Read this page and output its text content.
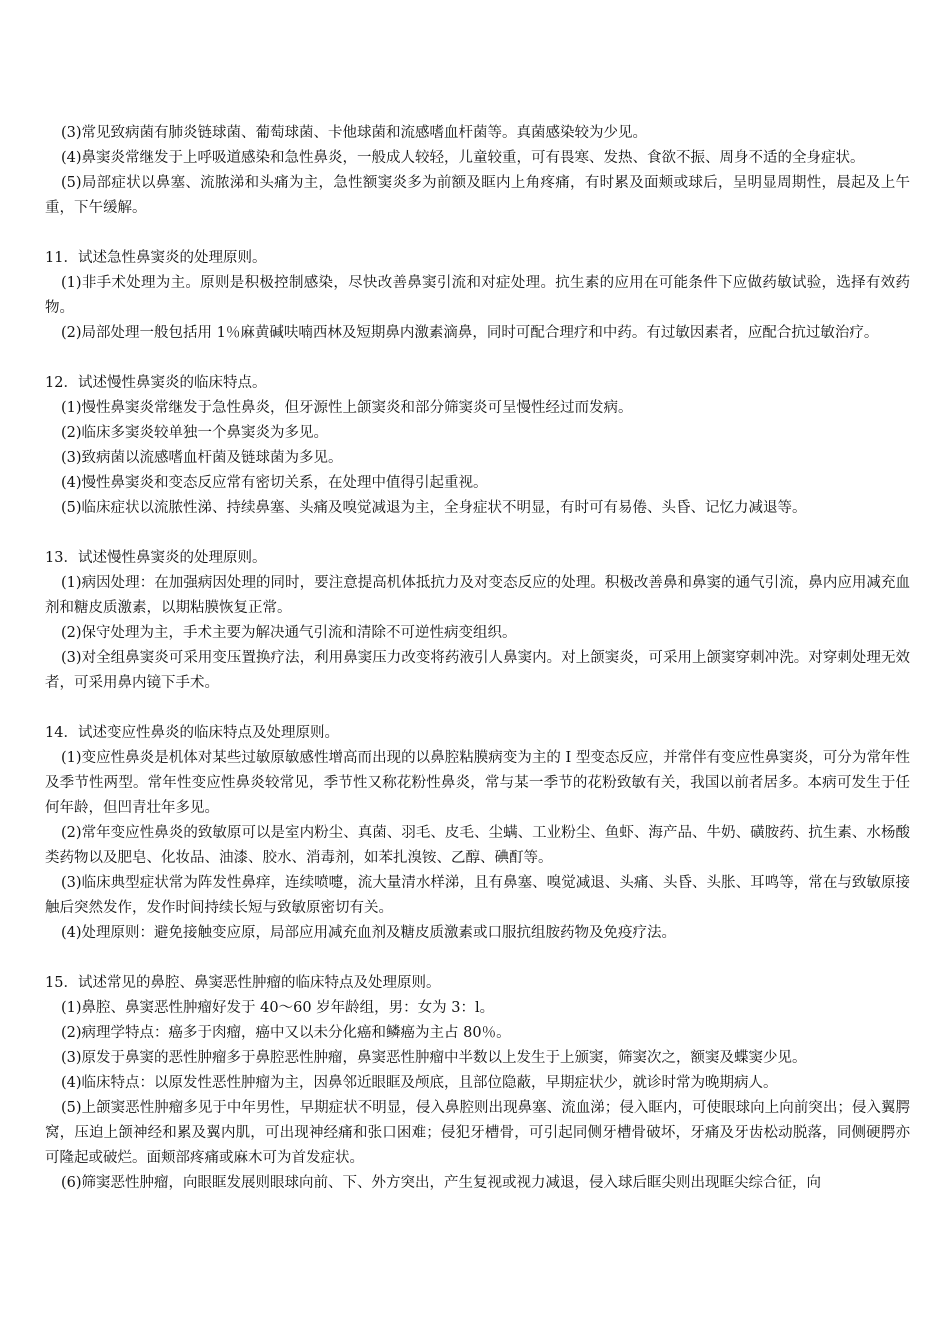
(3)常见致病菌有肺炎链球菌、葡萄球菌、卡他球菌和流感嗜血杆菌等。真菌感染较为少见。

(4)鼻窦炎常继发于上呼吸道感染和急性鼻炎，一般成人较轻，儿童较重，可有畏寒、发热、食欲不振、周身不适的全身症状。

(5)局部症状以鼻塞、流脓涕和头痛为主，急性额窦炎多为前额及眶内上角疼痛，有时累及面颊或球后，呈明显周期性，晨起及上午重，下午缓解。

11．试述急性鼻窦炎的处理原则。

(1)非手术处理为主。原则是积极控制感染，尽快改善鼻窦引流和对症处理。抗生素的应用在可能条件下应做药敏试验，选择有效药物。

(2)局部处理一般包括用 1％麻黄碱呋喃西林及短期鼻内激素滴鼻，同时可配合理疗和中药。有过敏因素者，应配合抗过敏治疗。

12．试述慢性鼻窦炎的临床特点。

(1)慢性鼻窦炎常继发于急性鼻炎，但牙源性上颌窦炎和部分筛窦炎可呈慢性经过而发病。

(2)临床多窦炎较单独一个鼻窦炎为多见。

(3)致病菌以流感嗜血杆菌及链球菌为多见。

(4)慢性鼻窦炎和变态反应常有密切关系，在处理中值得引起重视。

(5)临床症状以流脓性涕、持续鼻塞、头痛及嗅觉减退为主，全身症状不明显，有时可有易倦、头昏、记忆力减退等。

13．试述慢性鼻窦炎的处理原则。

(1)病因处理：在加强病因处理的同时，要注意提高机体抵抗力及对变态反应的处理。积极改善鼻和鼻窦的通气引流，鼻内应用减充血剂和糖皮质激素，以期粘膜恢复正常。

(2)保守处理为主，手术主要为解决通气引流和清除不可逆性病变组织。

(3)对全组鼻窦炎可采用变压置换疗法，利用鼻窦压力改变将药液引人鼻窦内。对上颌窦炎，可采用上颌窦穿刺冲洗。对穿刺处理无效者，可采用鼻内镜下手术。

14．试述变应性鼻炎的临床特点及处理原则。

(1)变应性鼻炎是机体对某些过敏原敏感性增高而出现的以鼻腔粘膜病变为主的 I 型变态反应，并常伴有变应性鼻窦炎，可分为常年性及季节性两型。常年性变应性鼻炎较常见，季节性又称花粉性鼻炎，常与某一季节的花粉致敏有关，我国以前者居多。本病可发生于任何年龄，但凹青壮年多见。

(2)常年变应性鼻炎的致敏原可以是室内粉尘、真菌、羽毛、皮毛、尘螨、工业粉尘、鱼虾、海产品、牛奶、磺胺药、抗生素、水杨酸类药物以及肥皂、化妆品、油漆、胶水、消毒剂，如苯扎溴铵、乙醇、碘酊等。

(3)临床典型症状常为阵发性鼻痒，连续喷嚏，流大量清水样涕，且有鼻塞、嗅觉减退、头痛、头昏、头胀、耳鸣等，常在与致敏原接触后突然发作，发作时间持续长短与致敏原密切有关。

(4)处理原则：避免接触变应原，局部应用减充血剂及糖皮质激素或口服抗组胺药物及免疫疗法。

15．试述常见的鼻腔、鼻窦恶性肿瘤的临床特点及处理原则。

(1)鼻腔、鼻窦恶性肿瘤好发于 40～60 岁年龄组，男：女为 3：l。

(2)病理学特点：癌多于肉瘤，癌中又以未分化癌和鳞癌为主占 80％。

(3)原发于鼻窦的恶性肿瘤多于鼻腔恶性肿瘤，鼻窦恶性肿瘤中半数以上发生于上颁窦，筛窦次之，额窦及蝶窦少见。

(4)临床特点：以原发性恶性肿瘤为主，因鼻邻近眼眶及颅底，且部位隐蔽，早期症状少，就诊时常为晚期病人。

(5)上颌窦恶性肿瘤多见于中年男性，早期症状不明显，侵入鼻腔则出现鼻塞、流血涕；侵入眶内，可使眼球向上向前突出；侵入翼腭窝，压迫上颌神经和累及翼内肌，可出现神经痛和张口困难；侵犯牙槽骨，可引起同侧牙槽骨破坏，牙痛及牙齿松动脱落，同侧硬腭亦可隆起或破烂。面颊部疼痛或麻木可为首发症状。

(6)筛窦恶性肿瘤，向眼眶发展则眼球向前、下、外方突出，产生复视或视力减退，侵入球后眶尖则出现眶尖综合征，向
